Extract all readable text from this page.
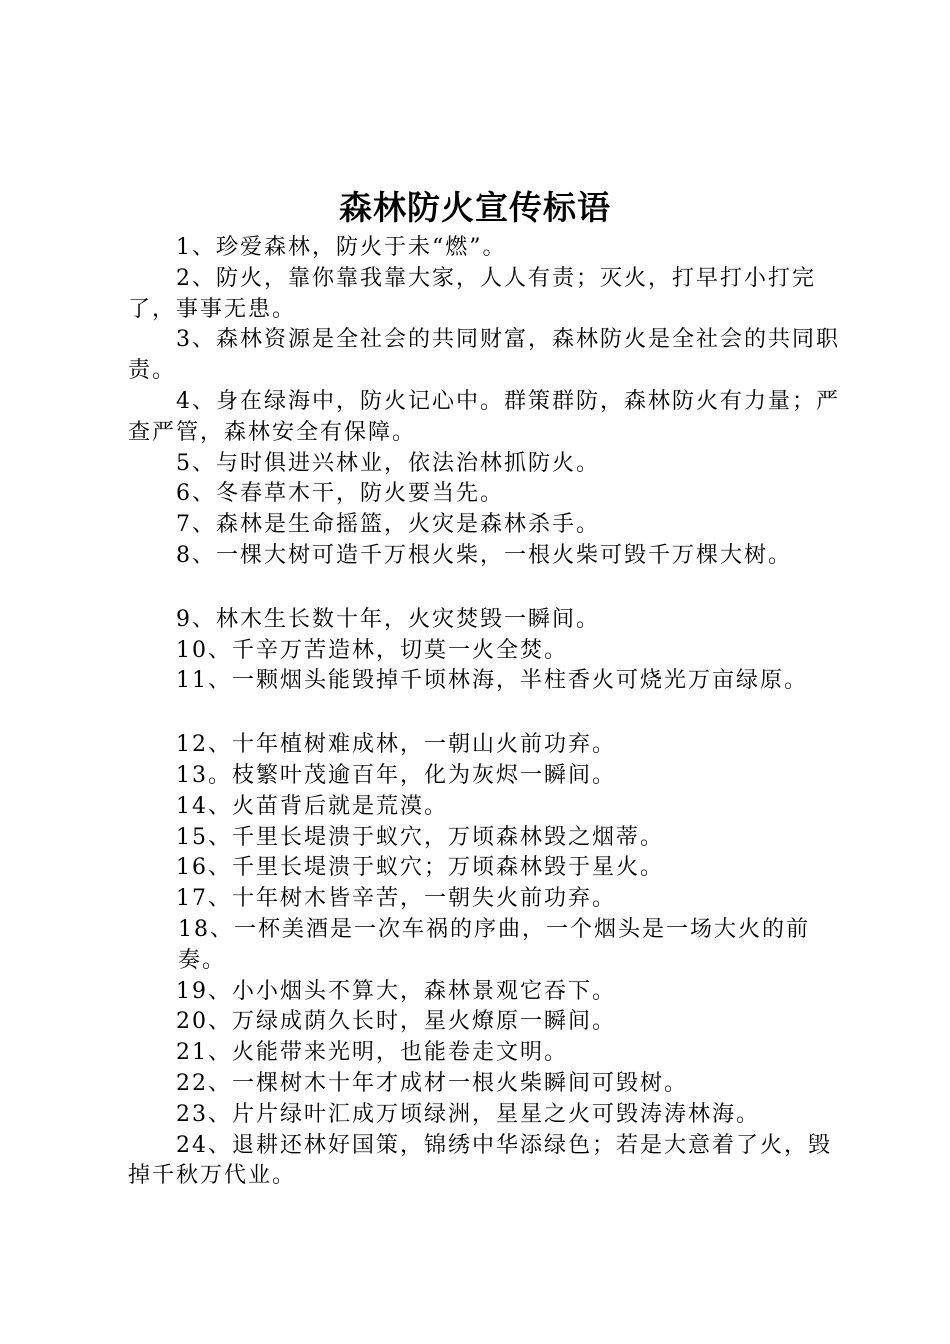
森林防火宣传标语

1、珍爱森林，防火于未“燃”。

2、防火，靠你靠我靠大家，人人有责；灭火，打早打小打完了，事事无患。

3、森林资源是全社会的共同财富，森林防火是全社会的共同职责。

4、身在绿海中，防火记心中。群策群防，森林防火有力量；严查严管，森林安全有保障。

5、与时俱进兴林业，依法治林抓防火。

6、冬春草木干，防火要当先。

7、森林是生命摇篮，火灾是森林杀手。

8、一棵大树可造千万根火柴，一根火柴可毁千万棵大树。

9、林木生长数十年，火灾焚毁一瞬间。

10、千辛万苦造林，切莫一火全焚。

11、一颗烟头能毁掉千顷林海，半柱香火可烧光万亩绿原。

12、十年植树难成林，一朝山火前功弃。

13。枝繁叶茂逾百年，化为灰烬一瞬间。

14、火苗背后就是荒漠。

15、千里长堤溃于蚁穴，万顷森林毁之烟蒂。

16、千里长堤溃于蚁穴；万顷森林毁于星火。

17、十年树木皆辛苦，一朝失火前功弃。

18、一杯美酒是一次车祸的序曲，一个烟头是一场大火的前奏。

19、小小烟头不算大，森林景观它吞下。

20、万绿成荫久长时，星火燎原一瞬间。

21、火能带来光明，也能卷走文明。

22、一棵树木十年才成材一根火柴瞬间可毁树。

23、片片绿叶汇成万顷绿洲，星星之火可毁涛涛林海。

24、退耕还林好国策，锦绣中华添绿色；若是大意着了火，毁掉千秋万代业。
